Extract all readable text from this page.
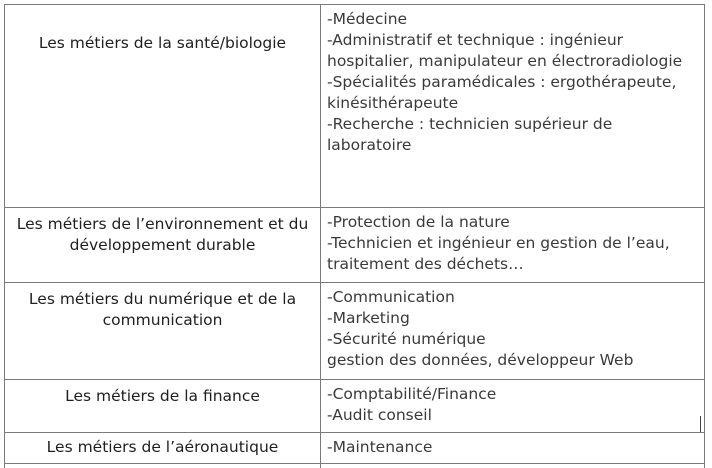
Les métiers de la santé/biologie	-Médecine
-Administratif et technique : ingénieur hospitalier, manipulateur en électroradiologie
-Spécialités paramédicales : ergothérapeute, kinésithérapeute
-Recherche : technicien supérieur de laboratoire

Les métiers de l’environnement et du développement durable	-Protection de la nature
-Technicien et ingénieur en gestion de l’eau, traitement des déchets…

Les métiers du numérique et de la communication	-Communication
-Marketing
-Sécurité numérique
gestion des données, développeur Web

Les métiers de la finance	-Comptabilité/Finance
-Audit conseil

Les métiers de l’aéronautique	-Maintenance
